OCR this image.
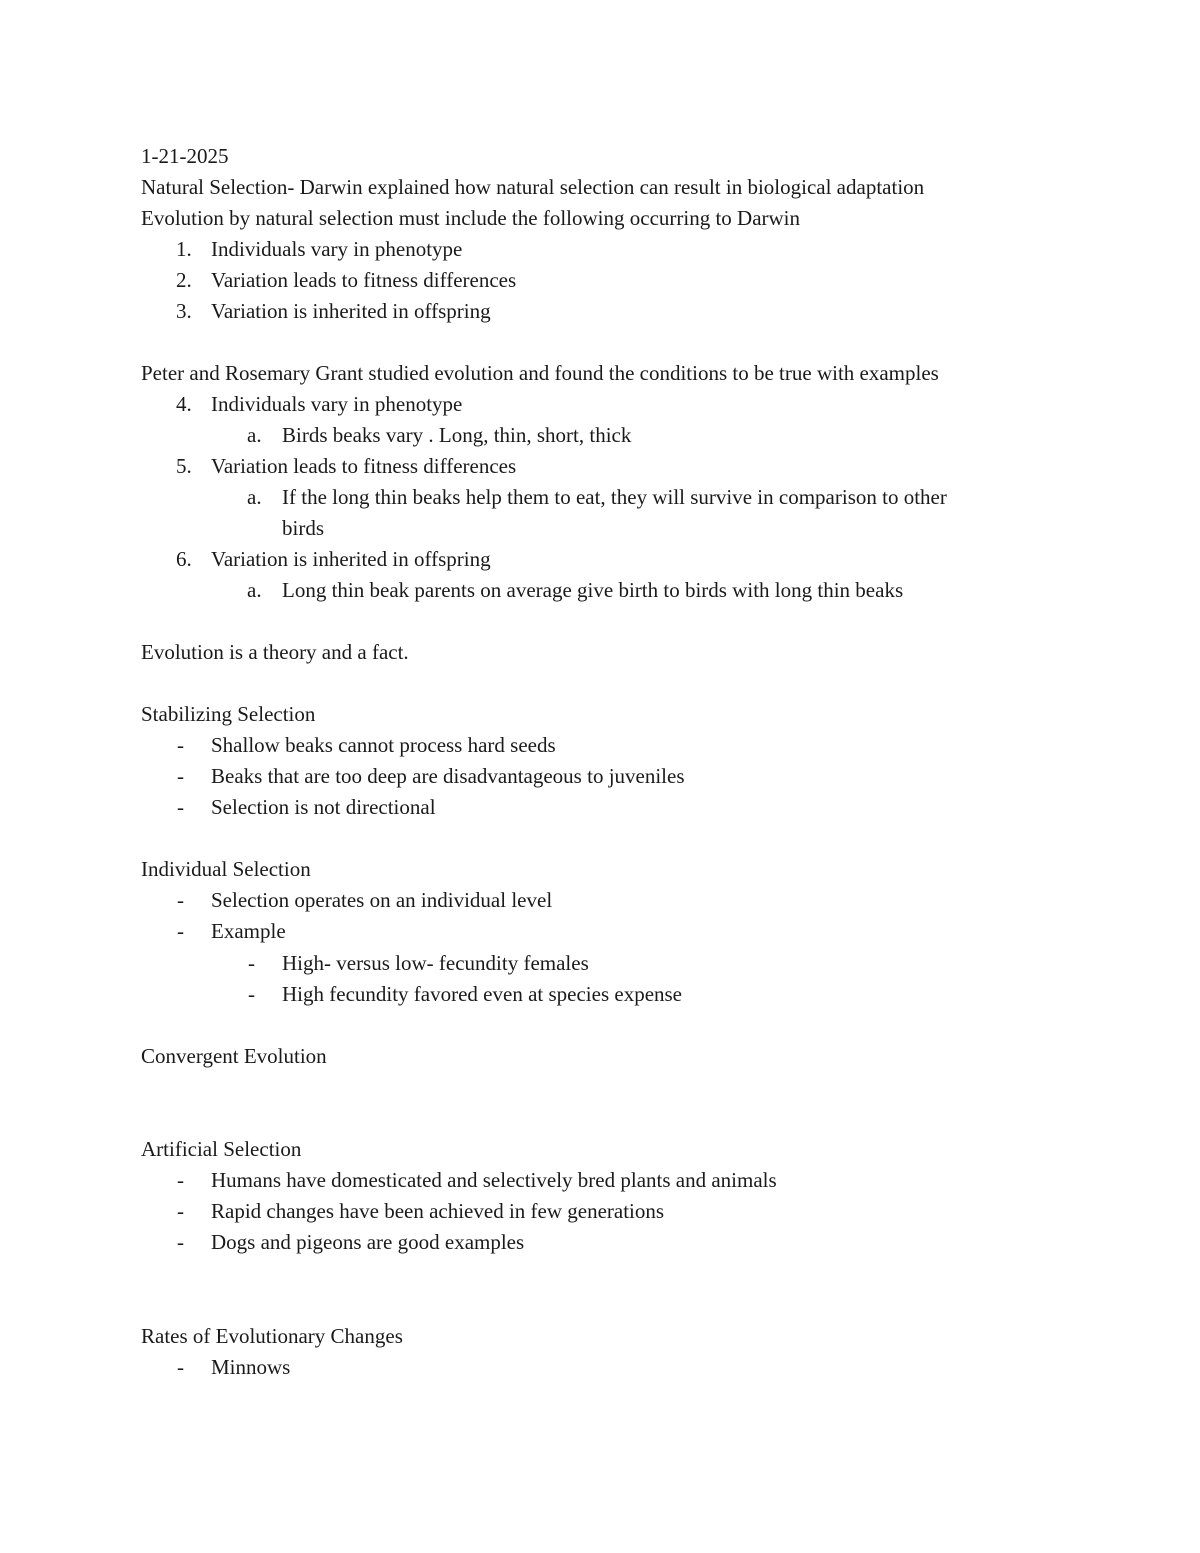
1-21-2025
Natural Selection- Darwin explained how natural selection can result in biological adaptation
Evolution by natural selection must include the following occurring to Darwin
1. Individuals vary in phenotype
2. Variation leads to fitness differences
3. Variation is inherited in offspring
Peter and Rosemary Grant studied evolution and found the conditions to be true with examples
4. Individuals vary in phenotype
a. Birds beaks vary . Long, thin, short, thick
5. Variation leads to fitness differences
a. If the long thin beaks help them to eat, they will survive in comparison to other
birds
6. Variation is inherited in offspring
a. Long thin beak parents on average give birth to birds with long thin beaks
Evolution is a theory and a fact.
Stabilizing Selection
- Shallow beaks cannot process hard seeds
- Beaks that are too deep are disadvantageous to juveniles
- Selection is not directional
Individual Selection
- Selection operates on an individual level
- Example
- High- versus low- fecundity females
- High fecundity favored even at species expense
Convergent Evolution
Artificial Selection
- Humans have domesticated and selectively bred plants and animals
- Rapid changes have been achieved in few generations
- Dogs and pigeons are good examples
Rates of Evolutionary Changes
- Minnows
